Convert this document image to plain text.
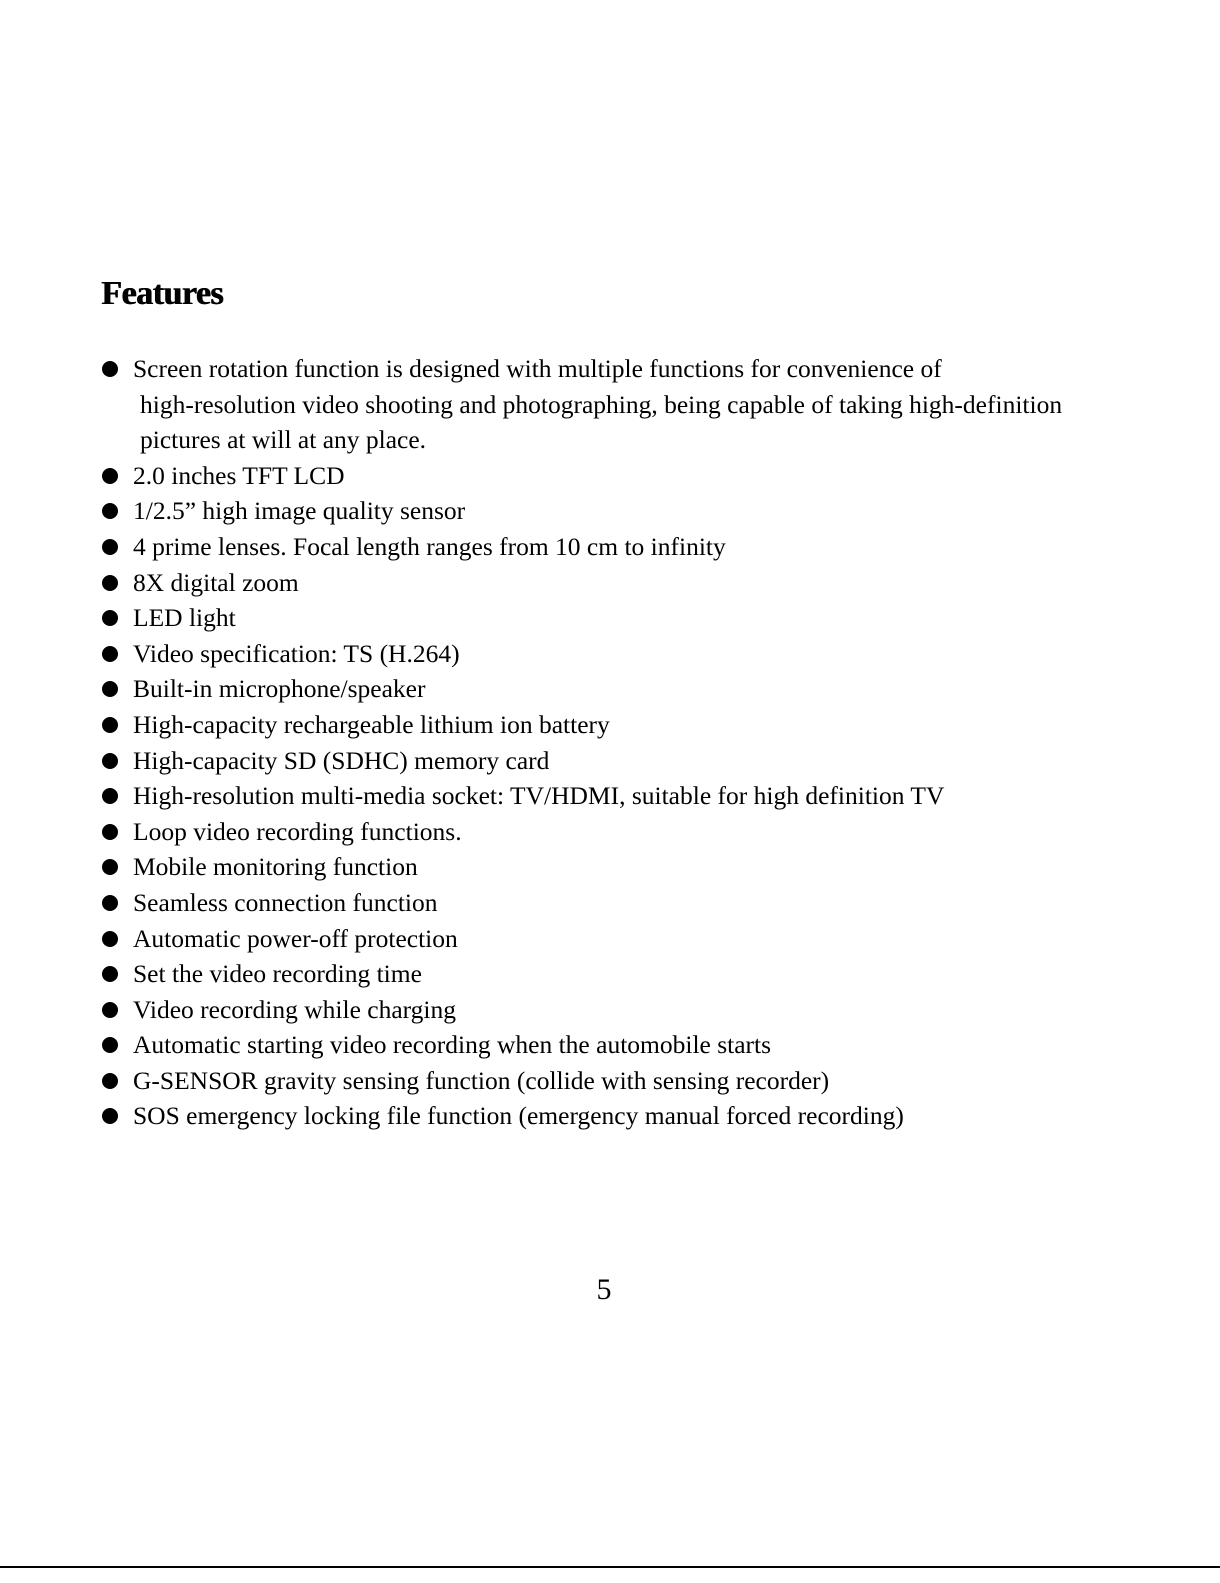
Features
Screen rotation function is designed with multiple functions for convenience of
high-resolution video shooting and photographing, being capable of taking high-definition
pictures at will at any place.
2.0 inches TFT LCD
1/2.5” high image quality sensor
4 prime lenses. Focal length ranges from 10 cm to infinity
8X digital zoom
LED light
Video specification: TS (H.264)
Built-in microphone/speaker
High-capacity rechargeable lithium ion battery
High-capacity SD (SDHC) memory card
High-resolution multi-media socket: TV/HDMI, suitable for high definition TV
Loop video recording functions.
Mobile monitoring function
Seamless connection function
Automatic power-off protection
Set the video recording time
Video recording while charging
Automatic starting video recording when the automobile starts
G-SENSOR gravity sensing function (collide with sensing recorder)
SOS emergency locking file function (emergency manual forced recording)
5
